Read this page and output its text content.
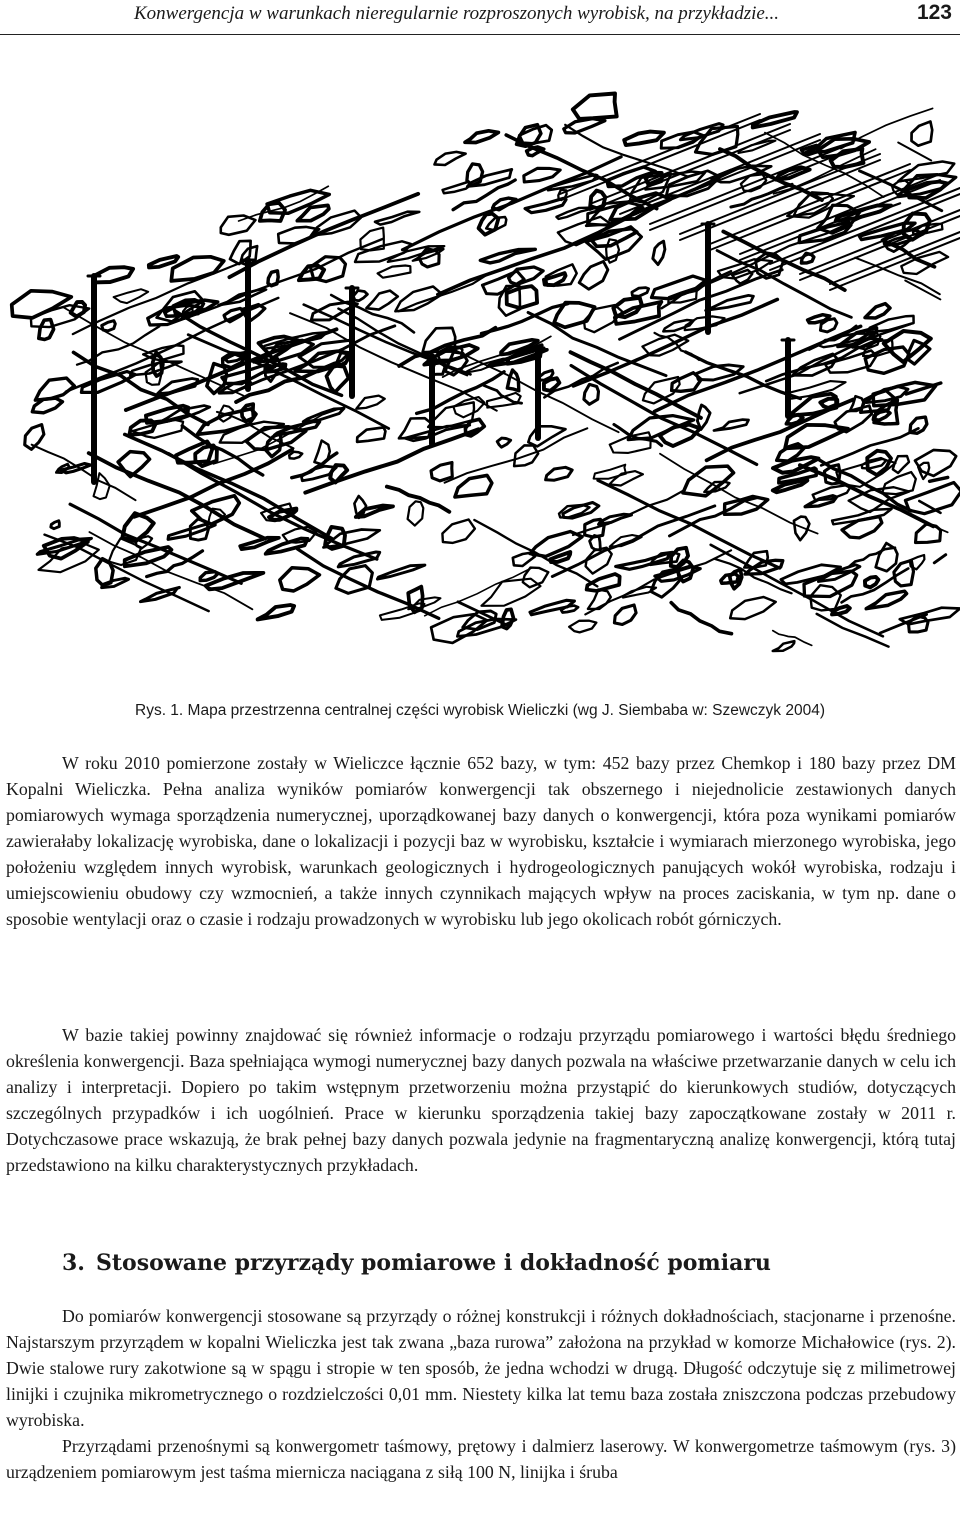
Konwergencja w warunkach nieregularnie rozproszonych wyrobisk, na przykładzie...	123
Rys. 1. Mapa przestrzenna centralnej części wyrobisk Wieliczki (wg J. Siembaba w: Szewczyk 2004)

W roku 2010 pomierzone zostały w Wieliczce łącznie 652 bazy, w tym: 452 bazy przez Chemkop i 180 bazy przez DM Kopalni Wieliczka. Pełna analiza wyników pomiarów konwergencji tak obszernego i niejednolicie zestawionych danych pomiarowych wymaga sporządzenia numerycznej, uporządkowanej bazy danych o konwergencji, która poza wynikami pomiarów zawierałaby lokalizację wyrobiska, dane o lokalizacji i pozycji baz w wyrobisku, kształcie i wymiarach mierzonego wyrobiska, jego położeniu względem innych wyrobisk, warunkach geologicznych i hydrogeologicznych panujących wokół wyrobiska, rodzaju i umiejscowieniu obudowy czy wzmocnień, a także innych czynnikach mających wpływ na proces zaciskania, w tym np. dane o sposobie wentylacji oraz o czasie i rodzaju prowadzonych w wyrobisku lub jego okolicach robót górniczych.

W bazie takiej powinny znajdować się również informacje o rodzaju przyrządu pomiarowego i wartości błędu średniego określenia konwergencji. Baza spełniająca wymogi numerycznej bazy danych pozwala na właściwe przetwarzanie danych w celu ich analizy i interpretacji. Dopiero po takim wstępnym przetworzeniu można przystąpić do kierunkowych studiów, dotyczących szczególnych przypadków i ich uogólnień. Prace w kierunku sporządzenia takiej bazy zapoczątkowane zostały w 2011 r. Dotychczasowe prace wskazują, że brak pełnej bazy danych pozwala jedynie na fragmentaryczną analizę konwergencji, którą tutaj przedstawiono na kilku charakterystycznych przykładach.

3. Stosowane przyrządy pomiarowe i dokładność pomiaru

Do pomiarów konwergencji stosowane są przyrządy o różnej konstrukcji i różnych dokładnościach, stacjonarne i przenośne. Najstarszym przyrządem w kopalni Wieliczka jest tak zwana „baza rurowa” założona na przykład w komorze Michałowice (rys. 2). Dwie stalowe rury zakotwione są w spągu i stropie w ten sposób, że jedna wchodzi w drugą. Długość odczytuje się z milimetrowej linijki i czujnika mikrometrycznego o rozdzielczości 0,01 mm. Niestety kilka lat temu baza została zniszczona podczas przebudowy wyrobiska.

Przyrządami przenośnymi są konwergometr taśmowy, prętowy i dalmierz laserowy. W konwergometrze taśmowym (rys. 3) urządzeniem pomiarowym jest taśma miernicza naciągana z siłą 100 N, linijka i śruba
